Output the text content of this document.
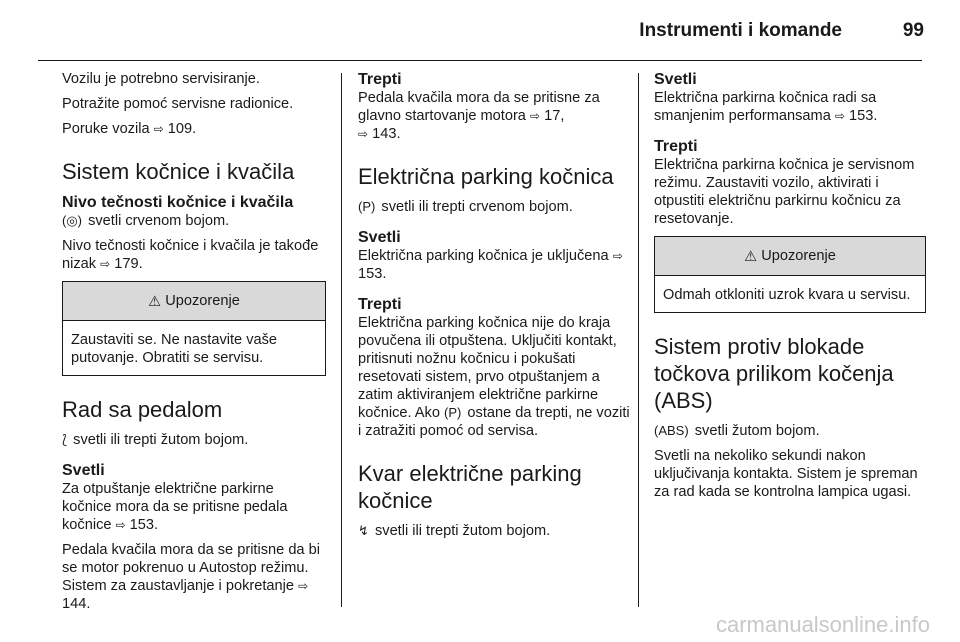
Instrumenti i komande	99

Vozilu je potrebno servisiranje.

Potražite pomoć servisne radionice.

Poruke vozila ⇨ 109.

Sistem kočnice i kvačila
Nivo tečnosti kočnice i kvačila

(◎) svetli crvenom bojom.

Nivo tečnosti kočnice i kvačila je takođe nizak ⇨ 179.

⚠ Upozorenje
Zaustaviti se. Ne nastavite vaše putovanje. Obratiti se servisu.
Rad sa pedalom

⟅ svetli ili trepti žutom bojom.

Svetli

Za otpuštanje električne parkirne kočnice mora da se pritisne pedala kočnice ⇨ 153.

Pedala kvačila mora da se pritisne da bi se motor pokrenuo u Autostop režimu. Sistem za zaustavljanje i pokretanje ⇨ 144.

Trepti

Pedala kvačila mora da se pritisne za glavno startovanje motora ⇨ 17,
⇨ 143.

Električna parking kočnica

(P) svetli ili trepti crvenom bojom.

Svetli

Električna parking kočnica je uključena ⇨ 153.

Trepti

Električna parking kočnica nije do kraja povučena ili otpuštena. Uključiti kontakt, pritisnuti nožnu kočnicu i pokušati resetovati sistem, prvo otpuštanjem a zatim aktiviranjem električne parkirne kočnice. Ako (P) ostane da trepti, ne voziti i zatražiti pomoć od servisa.

Kvar električne parking kočnice

↯ svetli ili trepti žutom bojom.

Svetli

Električna parkirna kočnica radi sa smanjenim performansama ⇨ 153.

Trepti

Električna parkirna kočnica je servisnom režimu. Zaustaviti vozilo, aktivirati i otpustiti električnu parkirnu kočnicu za resetovanje.

⚠ Upozorenje
Odmah otkloniti uzrok kvara u servisu.
Sistem protiv blokade točkova prilikom kočenja (ABS)

(ABS) svetli žutom bojom.

Svetli na nekoliko sekundi nakon uključivanja kontakta. Sistem je spreman za rad kada se kontrolna lampica ugasi.

carmanualsonline.info
